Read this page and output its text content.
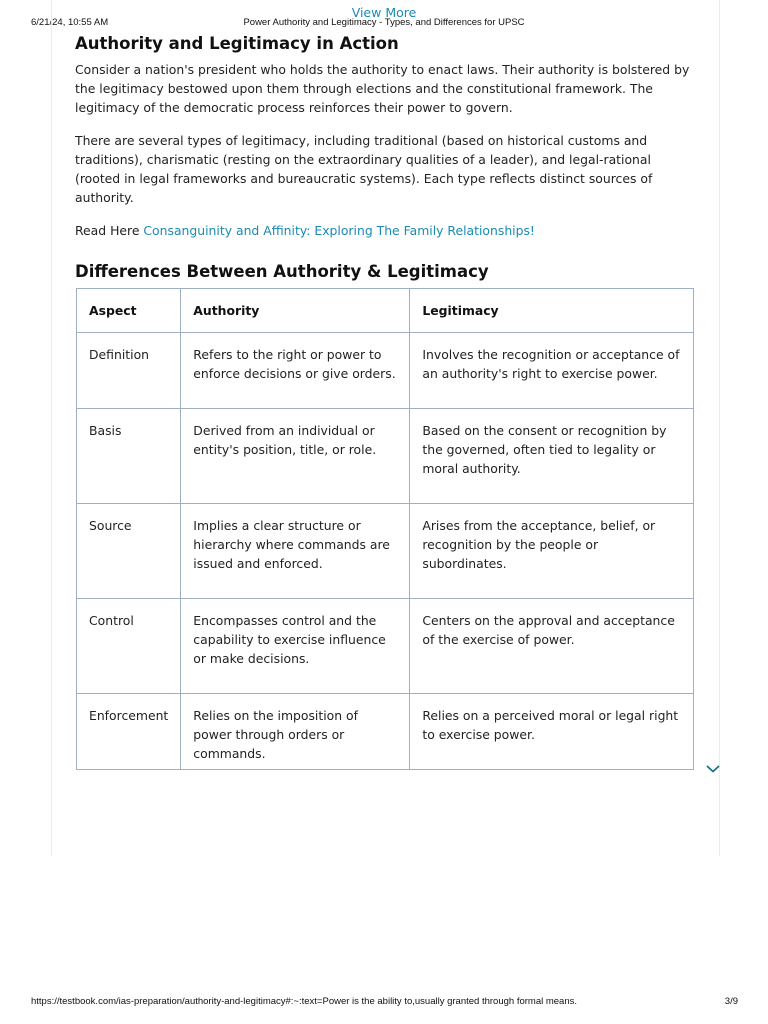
6/21/24, 10:55 AM	Power Authority and Legitimacy - Types, and Differences for UPSC
View More
Authority and Legitimacy in Action

Consider a nation's president who holds the authority to enact laws. Their authority is bolstered by the legitimacy bestowed upon them through elections and the constitutional framework. The legitimacy of the democratic process reinforces their power to govern.

There are several types of legitimacy, including traditional (based on historical customs and traditions), charismatic (resting on the extraordinary qualities of a leader), and legal-rational (rooted in legal frameworks and bureaucratic systems). Each type reflects distinct sources of authority.

Read Here Consanguinity and Affinity: Exploring The Family Relationships!

Differences Between Authority & Legitimacy
Aspect	Authority	Legitimacy
Definition	Refers to the right or power to enforce decisions or give orders.	Involves the recognition or acceptance of an authority's right to exercise power.
Basis	Derived from an individual or entity's position, title, or role.	Based on the consent or recognition by the governed, often tied to legality or moral authority.
Source	Implies a clear structure or hierarchy where commands are issued and enforced.	Arises from the acceptance, belief, or recognition by the people or subordinates.
Control	Encompasses control and the capability to exercise influence or make decisions.	Centers on the approval and acceptance of the exercise of power.
Enforcement	Relies on the imposition of power through orders or commands.	Relies on a perceived moral or legal right to exercise power.
https://testbook.com/ias-preparation/authority-and-legitimacy#:~:text=Power is the ability to,usually granted through formal means.	3/9
